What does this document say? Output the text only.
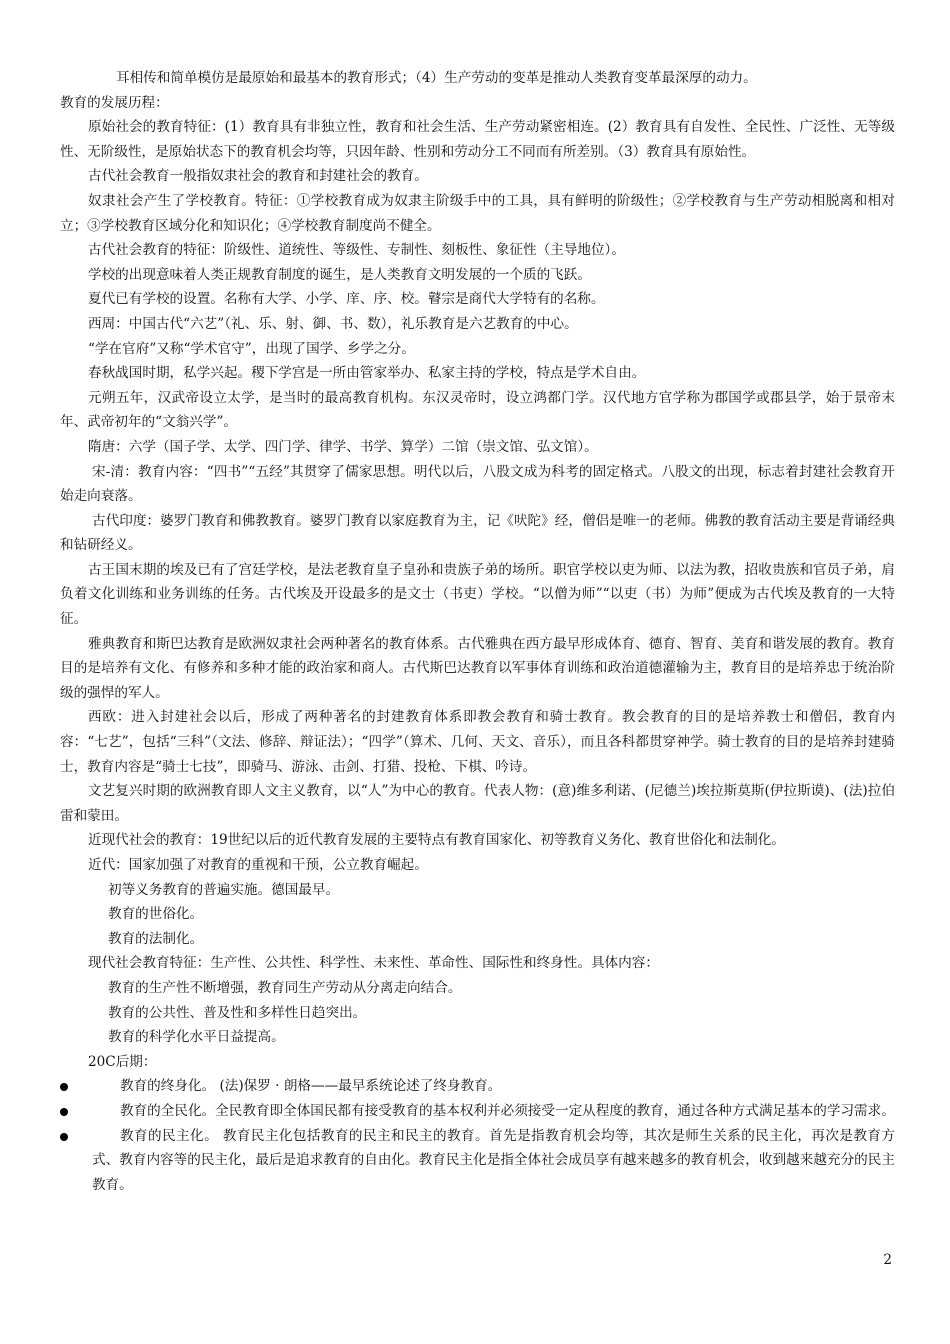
耳相传和简单模仿是最原始和最基本的教育形式；（4）生产劳动的变革是推动人类教育变革最深厚的动力。

教育的发展历程：

原始社会的教育特征：(1）教育具有非独立性，教育和社会生活、生产劳动紧密相连。(2）教育具有自发性、全民性、广泛性、无等级性、无阶级性，是原始状态下的教育机会均等，只因年龄、性别和劳动分工不同而有所差别。（3）教育具有原始性。

古代社会教育一般指奴隶社会的教育和封建社会的教育。

奴隶社会产生了学校教育。特征：①学校教育成为奴隶主阶级手中的工具，具有鲜明的阶级性；②学校教育与生产劳动相脱离和相对立；③学校教育区域分化和知识化；④学校教育制度尚不健全。

古代社会教育的特征：阶级性、道统性、等级性、专制性、刻板性、象征性（主导地位）。

学校的出现意味着人类正规教育制度的诞生，是人类教育文明发展的一个质的飞跃。

夏代已有学校的设置。名称有大学、小学、庠、序、校。瞽宗是商代大学特有的名称。

西周：中国古代“六艺”（礼、乐、射、御、书、数），礼乐教育是六艺教育的中心。

“学在官府”又称“学术官守”，出现了国学、乡学之分。

春秋战国时期，私学兴起。稷下学宫是一所由管家举办、私家主持的学校，特点是学术自由。

元朔五年，汉武帝设立太学，是当时的最高教育机构。东汉灵帝时，设立鸿都门学。汉代地方官学称为郡国学或郡县学，始于景帝末年、武帝初年的“文翁兴学”。

隋唐：六学（国子学、太学、四门学、律学、书学、算学）二馆（崇文馆、弘文馆）。

宋-清：教育内容：“四书”“五经”其贯穿了儒家思想。明代以后，八股文成为科考的固定格式。八股文的出现，标志着封建社会教育开始走向衰落。

古代印度：婆罗门教育和佛教教育。婆罗门教育以家庭教育为主，记《吠陀》经，僧侣是唯一的老师。佛教的教育活动主要是背诵经典和钻研经义。

古王国末期的埃及已有了宫廷学校，是法老教育皇子皇孙和贵族子弟的场所。职官学校以吏为师、以法为教，招收贵族和官员子弟，肩负着文化训练和业务训练的任务。古代埃及开设最多的是文士（书吏）学校。“以僧为师”“以吏（书）为师”便成为古代埃及教育的一大特征。

雅典教育和斯巴达教育是欧洲奴隶社会两种著名的教育体系。古代雅典在西方最早形成体育、德育、智育、美育和谐发展的教育。教育目的是培养有文化、有修养和多种才能的政治家和商人。古代斯巴达教育以军事体育训练和政治道德灌输为主，教育目的是培养忠于统治阶级的强悍的军人。

西欧：进入封建社会以后，形成了两种著名的封建教育体系即教会教育和骑士教育。教会教育的目的是培养教士和僧侣，教育内容：“七艺”，包括“三科”（文法、修辞、辩证法）；“四学”（算术、几何、天文、音乐），而且各科都贯穿神学。骑士教育的目的是培养封建骑士，教育内容是“骑士七技”，即骑马、游泳、击剑、打猎、投枪、下棋、吟诗。

文艺复兴时期的欧洲教育即人文主义教育，以“人”为中心的教育。代表人物：(意)维多利诺、(尼德兰)埃拉斯莫斯(伊拉斯谟)、(法)拉伯雷和蒙田。

近现代社会的教育：19世纪以后的近代教育发展的主要特点有教育国家化、初等教育义务化、教育世俗化和法制化。

近代：国家加强了对教育的重视和干预，公立教育崛起。

初等义务教育的普遍实施。德国最早。

教育的世俗化。

教育的法制化。

现代社会教育特征：生产性、公共性、科学性、未来性、革命性、国际性和终身性。具体内容：

教育的生产性不断增强，教育同生产劳动从分离走向结合。

教育的公共性、普及性和多样性日趋突出。

教育的科学化水平日益提高。

20C后期：

教育的终身化。 (法)保罗 · 朗格——最早系统论述了终身教育。
教育的全民化。全民教育即全体国民都有接受教育的基本权利并必须接受一定从程度的教育，通过各种方式满足基本的学习需求。
教育的民主化。 教育民主化包括教育的民主和民主的教育。首先是指教育机会均等，其次是师生关系的民主化，再次是教育方式、教育内容等的民主化，最后是追求教育的自由化。教育民主化是指全体社会成员享有越来越多的教育机会，收到越来越充分的民主教育。
2
